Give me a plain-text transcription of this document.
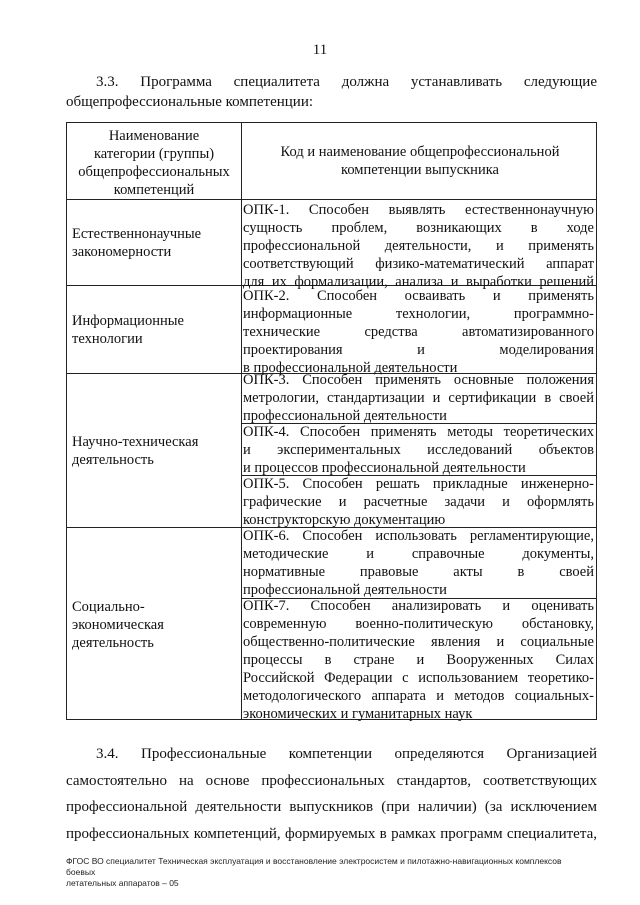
11
3.3. Программа специалитета должна устанавливать следующие
общепрофессиональные компетенции:
Наименование
категории (группы)
общепрофессиональных
компетенций
Код и наименование общепрофессиональной
компетенции выпускника
Естественнонаучные
закономерности
Информационные
технологии
Научно-техническая
деятельность
Социально-
экономическая
деятельность
ОПК-1. Способен выявлять естественнонаучную
сущность проблем, возникающих в ходе
профессиональной деятельности, и применять
соответствующий физико-математический аппарат
для их формализации, анализа и выработки решений
ОПК-2. Способен осваивать и применять
информационные технологии, программно-
технические средства автоматизированного
проектирования и моделирования
в профессиональной деятельности
ОПК-3. Способен применять основные положения
метрологии, стандартизации и сертификации в своей
профессиональной деятельности
ОПК-4. Способен применять методы теоретических
и экспериментальных исследований объектов
и процессов профессиональной деятельности
ОПК-5. Способен решать прикладные инженерно-
графические и расчетные задачи и оформлять
конструкторскую документацию
ОПК-6. Способен использовать регламентирующие,
методические и справочные документы,
нормативные правовые акты в своей
профессиональной деятельности
ОПК-7. Способен анализировать и оценивать
современную военно-политическую обстановку,
общественно-политические явления и социальные
процессы в стране и Вооруженных Силах
Российской Федерации с использованием теоретико-
методологического аппарата и методов социальных-
экономических и гуманитарных наук
3.4. Профессиональные компетенции определяются Организацией
самостоятельно на основе профессиональных стандартов, соответствующих
профессиональной деятельности выпускников (при наличии) (за исключением
профессиональных компетенций, формируемых в рамках программ специалитета,
ФГОС ВО специалитет Техническая эксплуатация и восстановление электросистем и пилотажно-навигационных комплексов боевых
летательных аппаратов – 05
